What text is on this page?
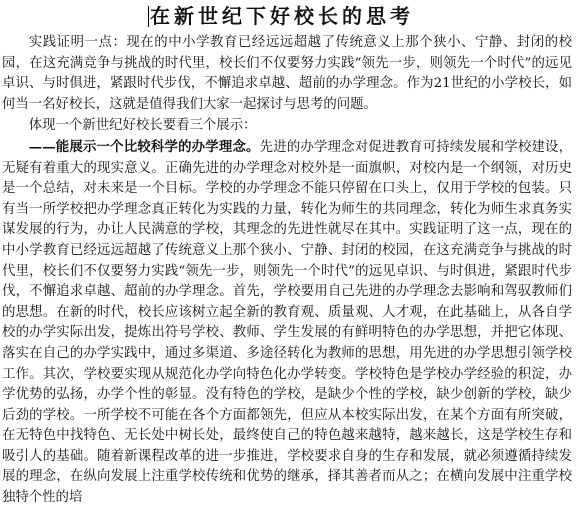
在新世纪下好校长的思考

实践证明一点：现在的中小学教育已经远远超越了传统意义上那个狭小、宁静、封闭的校园，在这充满竞争与挑战的时代里，校长们不仅要努力实践“领先一步，则领先一个时代”的远见卓识、与时俱进，紧跟时代步伐，不懈追求卓越、超前的办学理念。作为21世纪的小学校长，如何当一名好校长，这就是值得我们大家一起探讨与思考的问题。

体现一个新世纪好校长要看三个展示：

——能展示一个比较科学的办学理念。先进的办学理念对促进教育可持续发展和学校建设，无疑有着重大的现实意义。正确先进的办学理念对校外是一面旗帜，对校内是一个纲领，对历史是一个总结，对未来是一个目标。学校的办学理念不能只停留在口头上，仅用于学校的包装。只有当一所学校把办学理念真正转化为实践的力量，转化为师生的共同理念，转化为师生求真务实谋发展的行为，办让人民满意的学校，其理念的先进性就尽在其中。实践证明了这一点，现在的中小学教育已经远远超越了传统意义上那个狭小、宁静、封闭的校园，在这充满竞争与挑战的时代里，校长们不仅要努力实践“领先一步，则领先一个时代”的远见卓识、与时俱进，紧跟时代步伐，不懈追求卓越、超前的办学理念。首先，学校要用自己先进的办学理念去影响和驾驭教师们的思想。在新的时代，校长应该树立起全新的教育观、质量观、人才观，在此基础上，从各自学校的办学实际出发，提炼出符号学校、教师、学生发展的有鲜明特色的办学思想，并把它体现、落实在自己的办学实践中，通过多渠道、多途径转化为教师的思想，用先进的办学思想引领学校工作。其次，学校要实现从规范化办学向特色化办学转变。学校特色是学校办学经验的积淀，办学优势的弘扬，办学个性的彰显。没有特色的学校，是缺少个性的学校，缺少创新的学校，缺少后劲的学校。一所学校不可能在各个方面都领先，但应从本校实际出发，在某个方面有所突破，在无特色中找特色、无长处中树长处，最终使自己的特色越来越特，越来越长，这是学校生存和吸引人的基础。随着新课程改革的进一步推进，学校要求自身的生存和发展，就必须遵循持续发展的理念，在纵向发展上注重学校传统和优势的继承，择其善者而从之；在横向发展中注重学校独特个性的培
